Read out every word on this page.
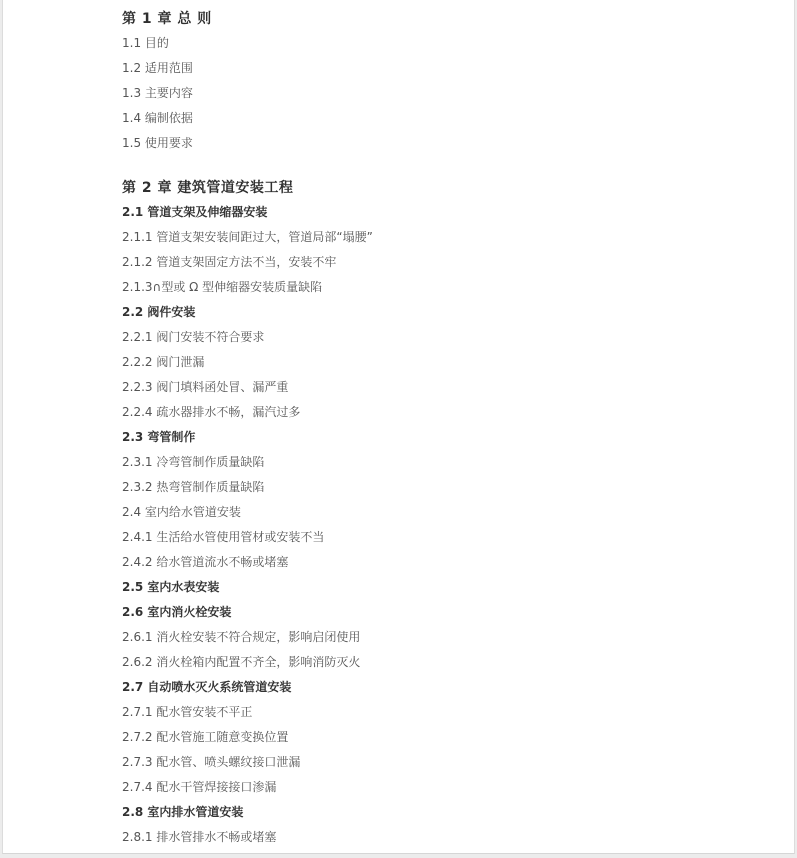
第 1 章 总 则
1.1 目的
1.2 适用范围
1.3 主要内容
1.4 编制依据
1.5 使用要求
第 2 章 建筑管道安装工程
2.1 管道支架及伸缩器安装
2.1.1 管道支架安装间距过大，管道局部“塌腰”
2.1.2 管道支架固定方法不当，安装不牢
2.1.3∩型或 Ω 型伸缩器安装质量缺陷
2.2 阀件安装
2.2.1 阀门安装不符合要求
2.2.2 阀门泄漏
2.2.3 阀门填料函处冒、漏严重
2.2.4 疏水器排水不畅，漏汽过多
2.3 弯管制作
2.3.1 冷弯管制作质量缺陷
2.3.2 热弯管制作质量缺陷
2.4 室内给水管道安装
2.4.1 生活给水管使用管材或安装不当
2.4.2 给水管道流水不畅或堵塞
2.5 室内水表安装
2.6 室内消火栓安装
2.6.1 消火栓安装不符合规定，影响启闭使用
2.6.2 消火栓箱内配置不齐全，影响消防灭火
2.7 自动喷水灭火系统管道安装
2.7.1 配水管安装不平正
2.7.2 配水管施工随意变换位置
2.7.3 配水管、喷头螺纹接口泄漏
2.7.4 配水干管焊接接口渗漏
2.8 室内排水管道安装
2.8.1 排水管排水不畅或堵塞
